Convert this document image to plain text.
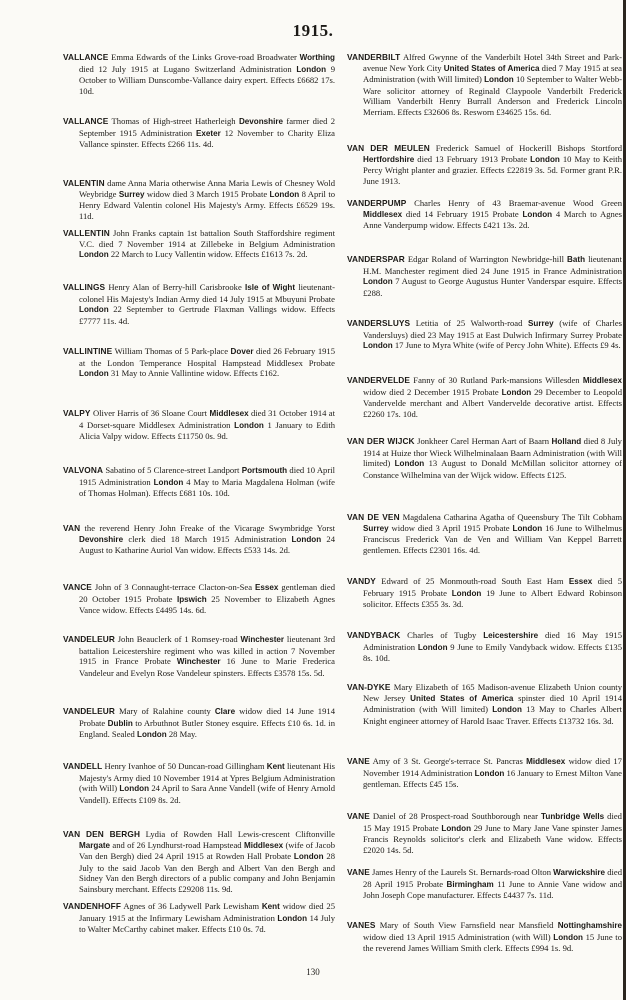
1915.
VALLANCE Emma Edwards of the Links Grove-road Broadwater Worthing died 12 July 1915 at Lugano Switzerland Administration London 9 October to William Dunscombe-Vallance dairy expert. Effects £6682 17s. 10d.
VALLANCE Thomas of High-street Hatherleigh Devonshire farmer died 2 September 1915 Administration Exeter 12 November to Charity Eliza Vallance spinster. Effects £266 11s. 4d.
VALENTIN dame Anna Maria otherwise Anna Maria Lewis of Chesney Wold Weybridge Surrey widow died 3 March 1915 Probate London 8 April to Henry Edward Valentin colonel His Majesty's Army. Effects £6529 19s. 11d.
VALLENTIN John Franks captain 1st battalion South Staffordshire regiment V.C. died 7 November 1914 at Zillebeke in Belgium Administration London 22 March to Lucy Vallentin widow. Effects £1613 7s. 2d.
VALLINGS Henry Alan of Berry-hill Carisbrooke Isle of Wight lieutenant-colonel His Majesty's Indian Army died 14 July 1915 at Mbuyuni Probate London 22 September to Gertrude Flaxman Vallings widow. Effects £7777 11s. 4d.
VALLINTINE William Thomas of 5 Park-place Dover died 26 February 1915 at the London Temperance Hospital Hampstead Middlesex Probate London 31 May to Annie Vallintine widow. Effects £162.
VALPY Oliver Harris of 36 Sloane Court Middlesex died 31 October 1914 at 4 Dorset-square Middlesex Administration London 1 January to Edith Alicia Valpy widow. Effects £11750 0s. 9d.
VALVONA Sabatino of 5 Clarence-street Landport Portsmouth died 10 April 1915 Administration London 4 May to Maria Magdalena Holman (wife of Thomas Holman). Effects £681 10s. 10d.
VAN the reverend Henry John Freake of the Vicarage Swymbridge Yorst Devonshire clerk died 18 March 1915 Administration London 24 August to Katharine Auriol Van widow. Effects £533 14s. 2d.
VANCE John of 3 Connaught-terrace Clacton-on-Sea Essex gentleman died 20 October 1915 Probate Ipswich 25 November to Elizabeth Agnes Vance widow. Effects £4495 14s. 6d.
VANDELEUR John Beauclerk of 1 Romsey-road Winchester lieutenant 3rd battalion Leicestershire regiment who was killed in action 7 November 1915 in France Probate Winchester 16 June to Marie Frederica Vandeleur and Evelyn Rose Vandeleur spinsters. Effects £3578 15s. 5d.
VANDELEUR Mary of Ralahine county Clare widow died 14 June 1914 Probate Dublin to Arbuthnot Butler Stoney esquire. Effects £10 6s. 1d. in England. Sealed London 28 May.
VANDELL Henry Ivanhoe of 50 Duncan-road Gillingham Kent lieutenant His Majesty's Army died 10 November 1914 at Ypres Belgium Administration (with Will) London 24 April to Sara Anne Vandell (wife of Henry Arnold Vandell). Effects £109 8s. 2d.
VAN DEN BERGH Lydia of Rowden Hall Lewis-crescent Cliftonville Margate and of 26 Lyndhurst-road Hampstead Middlesex (wife of Jacob Van den Bergh) died 24 April 1915 at Rowden Hall Probate London 28 July to the said Jacob Van den Bergh and Albert Van den Bergh and Sidney Van den Bergh directors of a public company and John Benjamin Sainsbury merchant. Effects £29208 11s. 9d.
VANDENHOFF Agnes of 36 Ladywell Park Lewisham Kent widow died 25 January 1915 at the Infirmary Lewisham Administration London 14 July to Walter McCarthy cabinet maker. Effects £10 0s. 7d.
VANDERBILT Alfred Gwynne of the Vanderbilt Hotel 34th Street and Park-avenue New York City United States of America died 7 May 1915 at sea Administration (with Will limited) London 10 September to Walter Webb-Ware solicitor attorney of Reginald Claypoole Vanderbilt Frederick William Vanderbilt Henry Burrall Anderson and Frederick Lincoln Merriam. Effects £32606 8s. Resworn £34625 15s. 6d.
VAN DER MEULEN Frederick Samuel of Hockerill Bishops Stortford Hertfordshire died 13 February 1913 Probate London 10 May to Keith Percy Wright planter and grazier. Effects £22819 3s. 5d. Former grant P.R. June 1913.
VANDERPUMP Charles Henry of 43 Braemar-avenue Wood Green Middlesex died 14 February 1915 Probate London 4 March to Agnes Anne Vanderpump widow. Effects £421 13s. 2d.
VANDERSPAR Edgar Roland of Warrington Newbridge-hill Bath lieutenant H.M. Manchester regiment died 24 June 1915 in France Administration London 7 August to George Augustus Hunter Vanderspar esquire. Effects £288.
VANDERSLUYS Letitia of 25 Walworth-road Surrey (wife of Charles Vandersluys) died 23 May 1915 at East Dulwich Infirmary Surrey Probate London 17 June to Myra White (wife of Percy John White). Effects £9 4s.
VANDERVELDE Fanny of 30 Rutland Park-mansions Willesden Middlesex widow died 2 December 1915 Probate London 29 December to Leopold Vandervelde merchant and Albert Vandervelde decorative artist. Effects £2260 17s. 10d.
VAN DER WIJCK Jonkheer Carel Herman Aart of Baarn Holland died 8 July 1914 at Huize thor Wieck Wilhelminalaan Baarn Administration (with Will limited) London 13 August to Donald McMillan solicitor attorney of Constance Wilhelmina van der Wijck widow. Effects £125.
VAN DE VEN Magdalena Catharina Agatha of Queensbury The Tilt Cobham Surrey widow died 3 April 1915 Probate London 16 June to Wilhelmus Franciscus Frederick Van de Ven and William Van Keppel Barrett gentlemen. Effects £2301 16s. 4d.
VANDY Edward of 25 Monmouth-road South East Ham Essex died 5 February 1915 Probate London 19 June to Albert Edward Robinson solicitor. Effects £355 3s. 3d.
VANDYBACK Charles of Tugby Leicestershire died 16 May 1915 Administration London 9 June to Emily Vandyback widow. Effects £135 8s. 10d.
VAN-DYKE Mary Elizabeth of 165 Madison-avenue Elizabeth Union county New Jersey United States of America spinster died 10 April 1914 Administration (with Will limited) London 13 May to Charles Albert Knight engineer attorney of Harold Isaac Traver. Effects £13732 16s. 3d.
VANE Amy of 3 St. George's-terrace St. Pancras Middlesex widow died 17 November 1914 Administration London 16 January to Ernest Milton Vane gentleman. Effects £45 15s.
VANE Daniel of 28 Prospect-road Southborough near Tunbridge Wells died 15 May 1915 Probate London 29 June to Mary Jane Vane spinster James Francis Reynolds solicitor's clerk and Elizabeth Vane widow. Effects £2020 14s. 5d.
VANE James Henry of the Laurels St. Bernards-road Olton Warwickshire died 28 April 1915 Probate Birmingham 11 June to Annie Vane widow and John Joseph Cope manufacturer. Effects £4437 7s. 11d.
VANES Mary of South View Farnsfield near Mansfield Nottinghamshire widow died 13 April 1915 Administration (with Will) London 15 June to the reverend James William Smith clerk. Effects £994 1s. 9d.
130
